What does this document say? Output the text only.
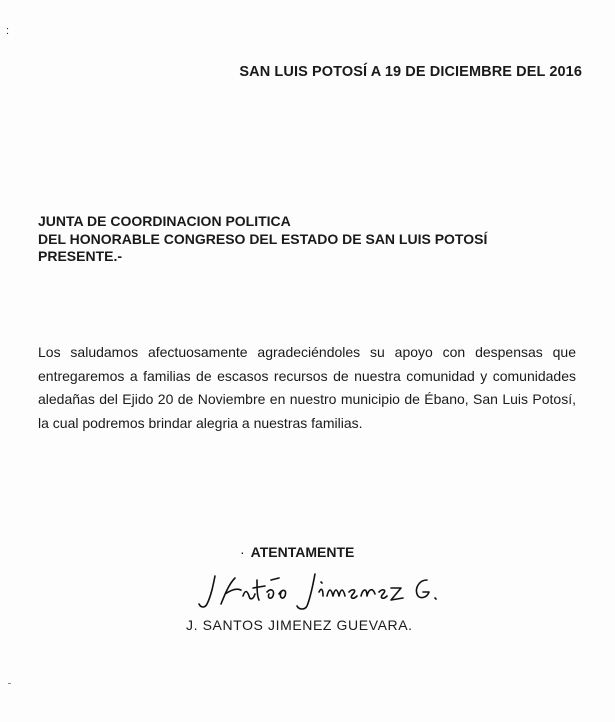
:
SAN LUIS POTOSÍ A 19 DE DICIEMBRE DEL 2016
JUNTA DE COORDINACION POLITICA
DEL HONORABLE CONGRESO DEL ESTADO DE SAN LUIS POTOSÍ
PRESENTE.-
Los saludamos afectuosamente agradeciéndoles su apoyo con despensas que entregaremos a familias de escasos recursos de nuestra comunidad y comunidades aledañas del Ejido 20 de Noviembre en nuestro municipio de Ébano, San Luis Potosí, la cual podremos brindar alegria a nuestras familias.
· ATENTAMENTE
J. SANTOS JIMENEZ GUEVARA.
